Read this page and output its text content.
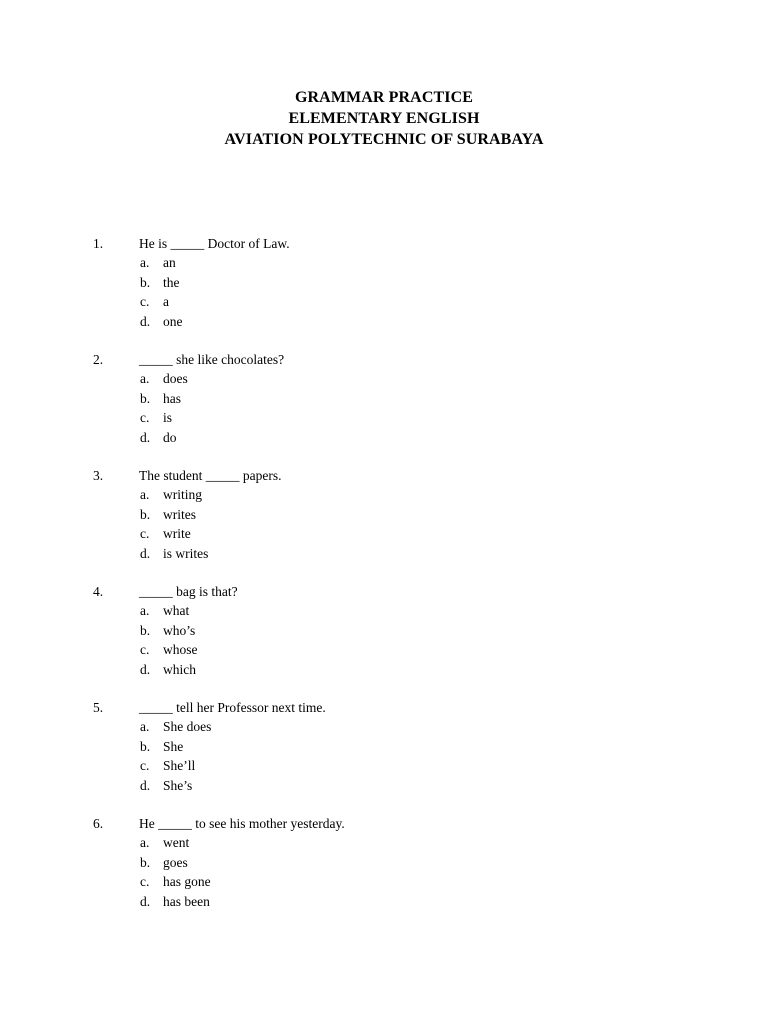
GRAMMAR PRACTICE
ELEMENTARY ENGLISH
AVIATION POLYTECHNIC OF SURABAYA
1.	He is _____ Doctor of Law.
a. an
b. the
c. a
d. one
2.	_____ she like chocolates?
a. does
b. has
c. is
d. do
3.	The student _____ papers.
a. writing
b. writes
c. write
d. is writes
4.	_____ bag is that?
a. what
b. who’s
c. whose
d. which
5.	_____ tell her Professor next time.
a. She does
b. She
c. She’ll
d. She’s
6.	He _____ to see his mother yesterday.
a. went
b. goes
c. has gone
d. has been
